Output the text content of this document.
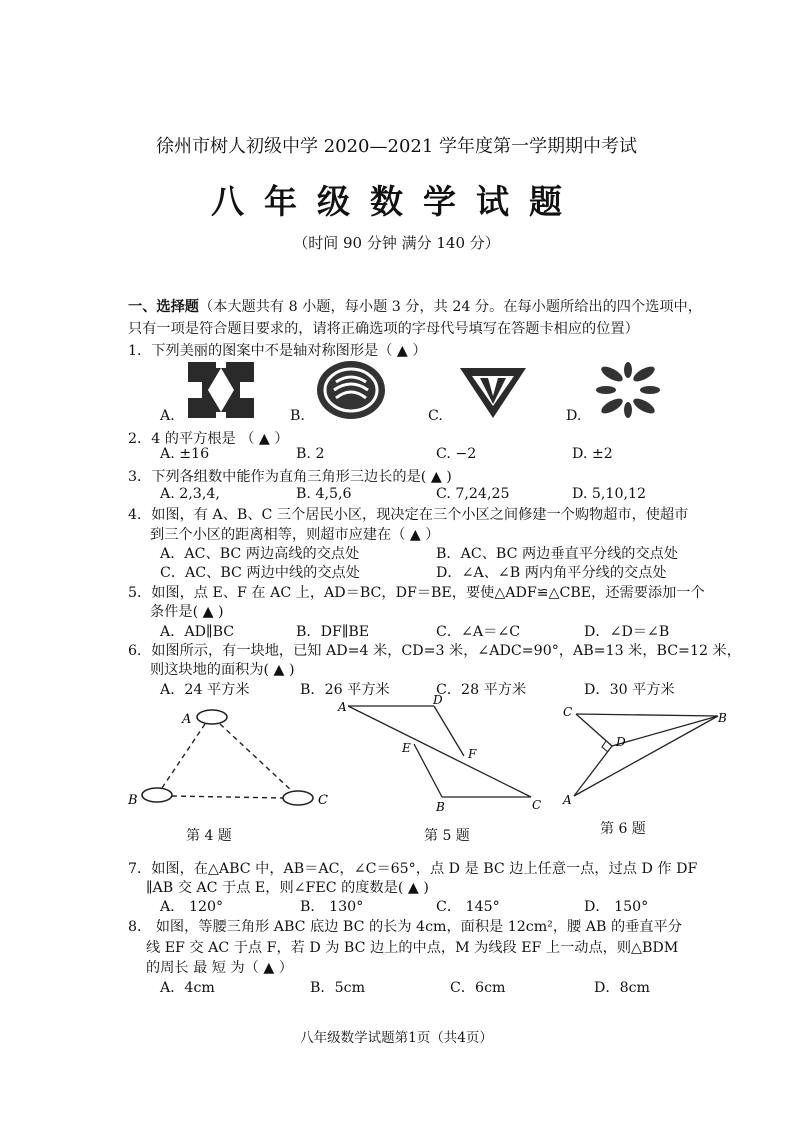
徐州市树人初级中学 2020—2021 学年度第一学期期中考试
八年级数学试题
（时间 90 分钟 满分 140 分）
一、选择题（本大题共有 8 小题，每小题 3 分，共 24 分。在每小题所给出的四个选项中，
只有一项是符合题目要求的，请将正确选项的字母代号填写在答题卡相应的位置）
1．下列美丽的图案中不是轴对称图形是（ ▲ ）
A.	B.	C.	D.
2．4 的平方根是 （ ▲ ）
A. ±16	B. 2	C. −2	D. ±2
3．下列各组数中能作为直角三角形三边长的是( ▲ )
A. 2,3,4,	B. 4,5,6	C. 7,24,25	D. 5,10,12
4．如图，有 A、B、C 三个居民小区，现决定在三个小区之间修建一个购物超市，使超市
到三个小区的距离相等，则超市应建在（ ▲ ）
A．AC、BC 两边高线的交点处	B．AC、BC 两边垂直平分线的交点处
C．AC、BC 两边中线的交点处	D．∠A、∠B 两内角平分线的交点处
5．如图，点 E、F 在 AC 上，AD＝BC，DF＝BE，要使△ADF≌△CBE，还需要添加一个
条件是( ▲ )
A．AD∥BC	B．DF∥BE	C．∠A＝∠C	D．∠D＝∠B
6．如图所示，有一块地，已知 AD=4 米，CD=3 米，∠ADC=90°，AB=13 米，BC=12 米，
则这块地的面积为( ▲ )
A．24 平方米	B．26 平方米	C．28 平方米	D．30 平方米
A
B	C
第 4 题
A	D
E	F
B	C
第 5 题
C	B
D
A
第 6 题
7．如图，在△ABC 中，AB＝AC，∠C＝65°，点 D 是 BC 边上任意一点，过点 D 作 DF
∥AB 交 AC 于点 E，则∠FEC 的度数是( ▲ )
A． 120°	B． 130°	C． 145°	D． 150°
8． 如图，等腰三角形 ABC 底边 BC 的长为 4cm，面积是 12cm²，腰 AB 的垂直平分
线 EF 交 AC 于点 F，若 D 为 BC 边上的中点，M 为线段 EF 上一动点，则△BDM
的周长 最 短 为（ ▲ ）
A．4cm	B．5cm	C．6cm	D．8cm
八年级数学试题第1页（共4页）
